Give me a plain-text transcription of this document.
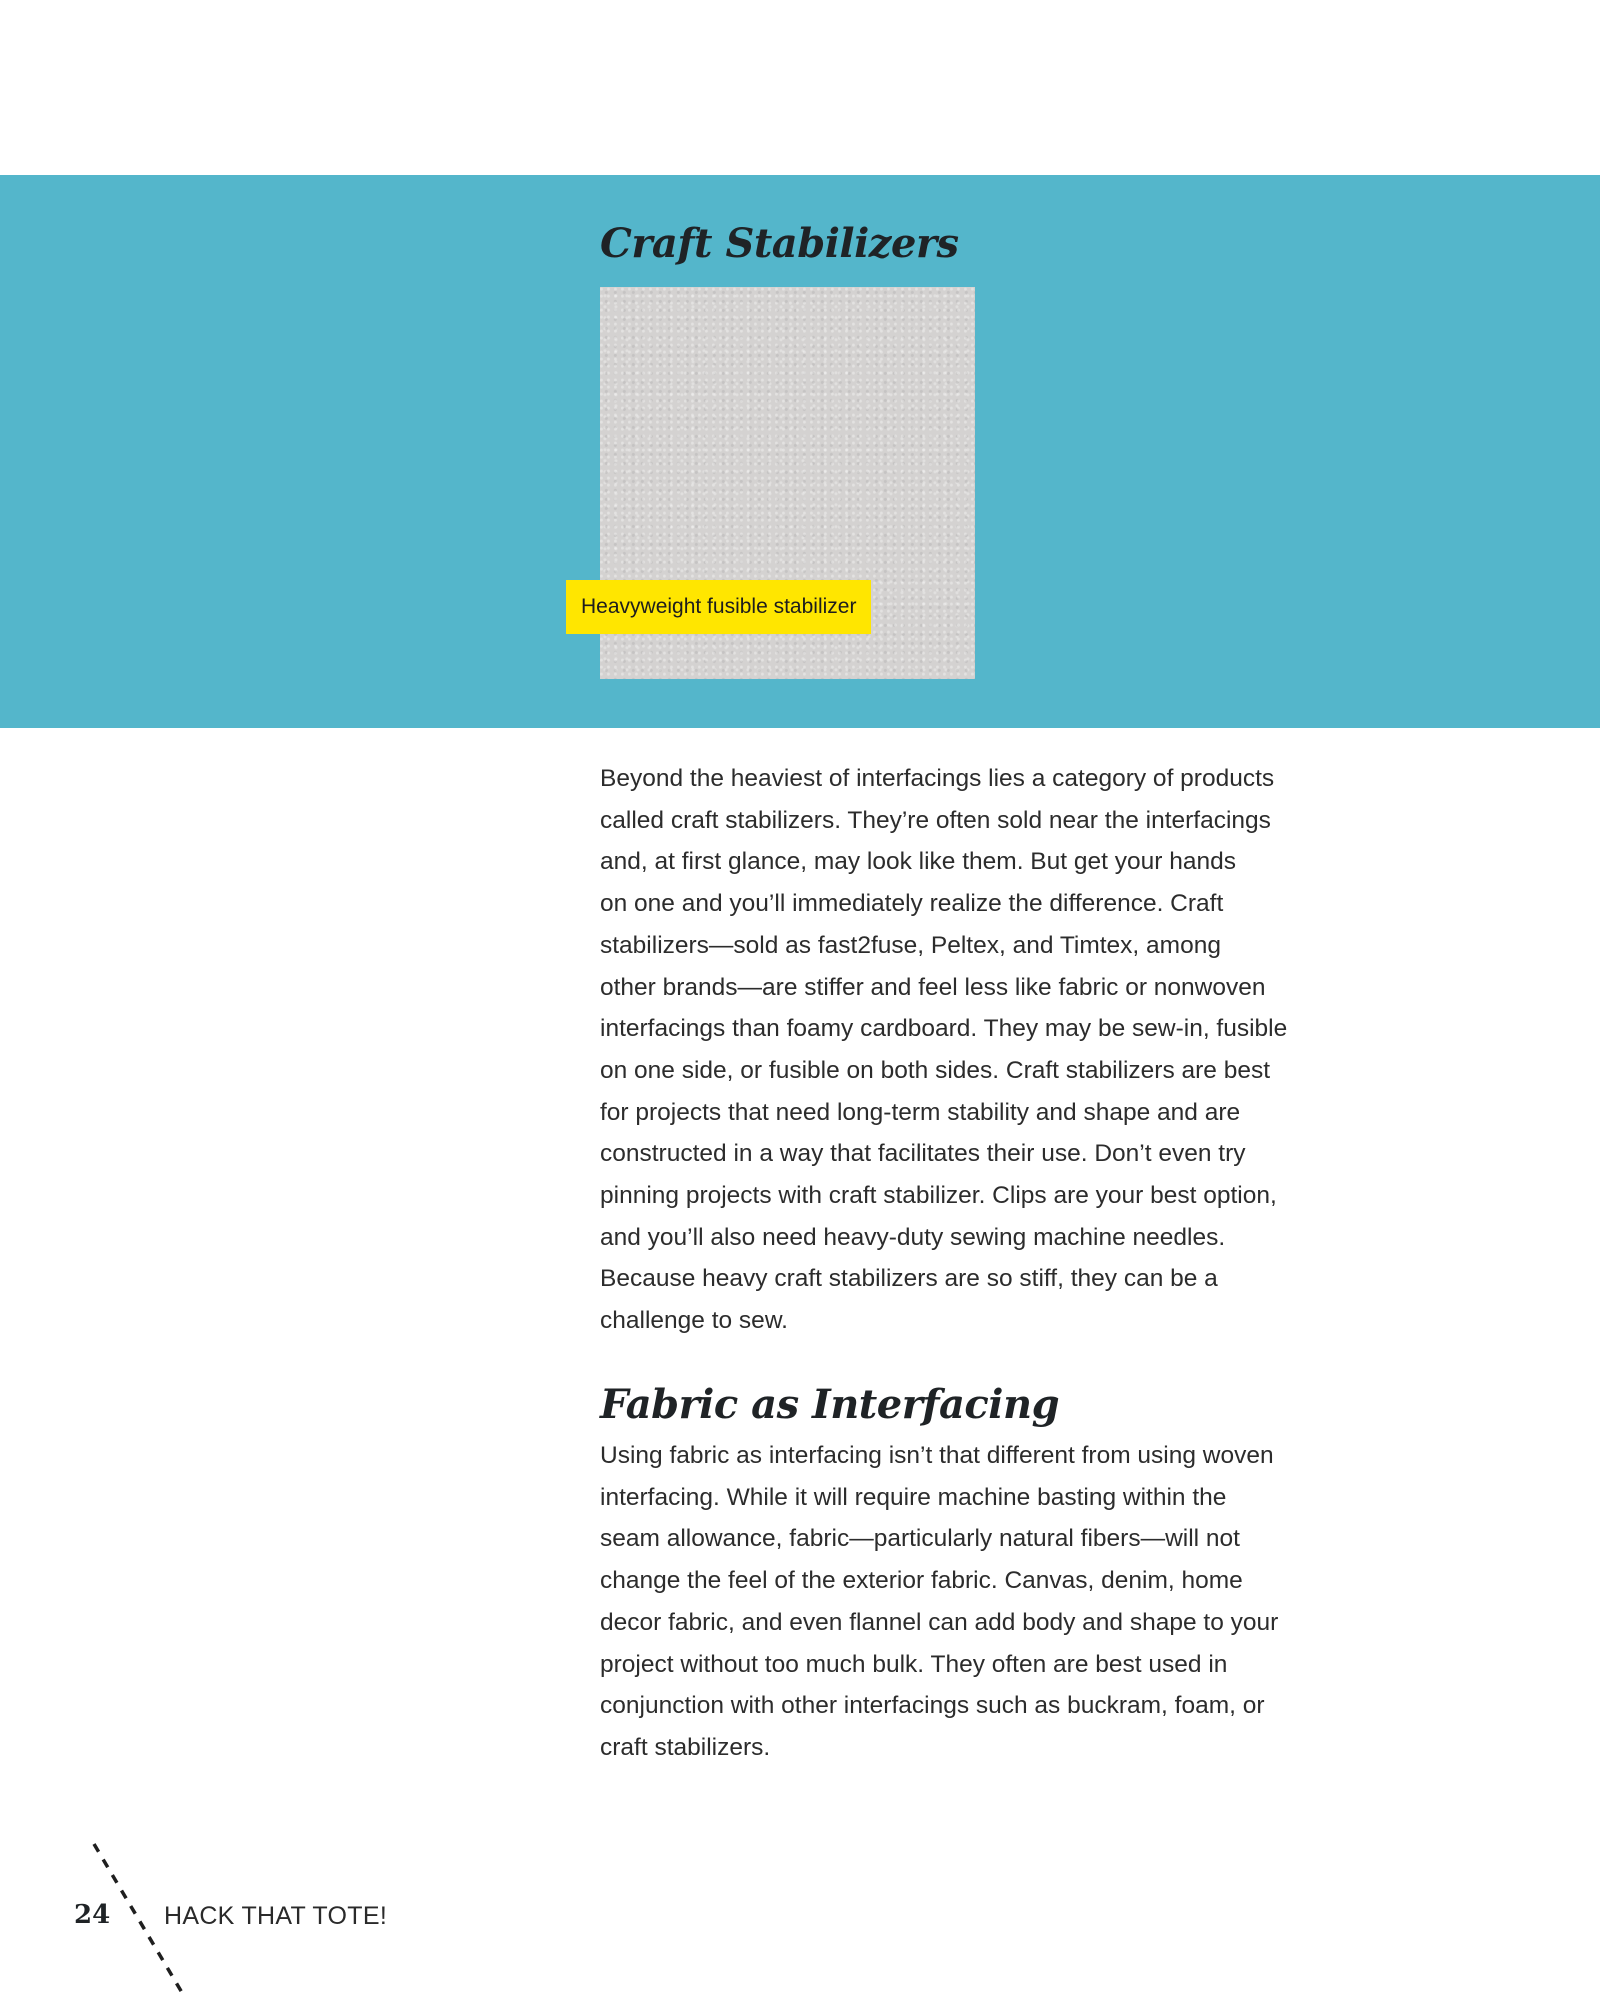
Craft Stabilizers
Heavyweight fusible stabilizer

Beyond the heaviest of interfacings lies a category of products
called craft stabilizers. They’re often sold near the interfacings
and, at first glance, may look like them. But get your hands
on one and you’ll immediately realize the difference. Craft
stabilizers—sold as fast2fuse, Peltex, and Timtex, among
other brands—are stiffer and feel less like fabric or nonwoven
interfacings than foamy cardboard. They may be sew-in, fusible
on one side, or fusible on both sides. Craft stabilizers are best
for projects that need long-term stability and shape and are
constructed in a way that facilitates their use. Don’t even try
pinning projects with craft stabilizer. Clips are your best option,
and you’ll also need heavy-duty sewing machine needles.
Because heavy craft stabilizers are so stiff, they can be a
challenge to sew.

Fabric as Interfacing

Using fabric as interfacing isn’t that different from using woven
interfacing. While it will require machine basting within the
seam allowance, fabric—particularly natural fibers—will not
change the feel of the exterior fabric. Canvas, denim, home
decor fabric, and even flannel can add body and shape to your
project without too much bulk. They often are best used in
conjunction with other interfacings such as buckram, foam, or
craft stabilizers.

24 HACK THAT TOTE!
